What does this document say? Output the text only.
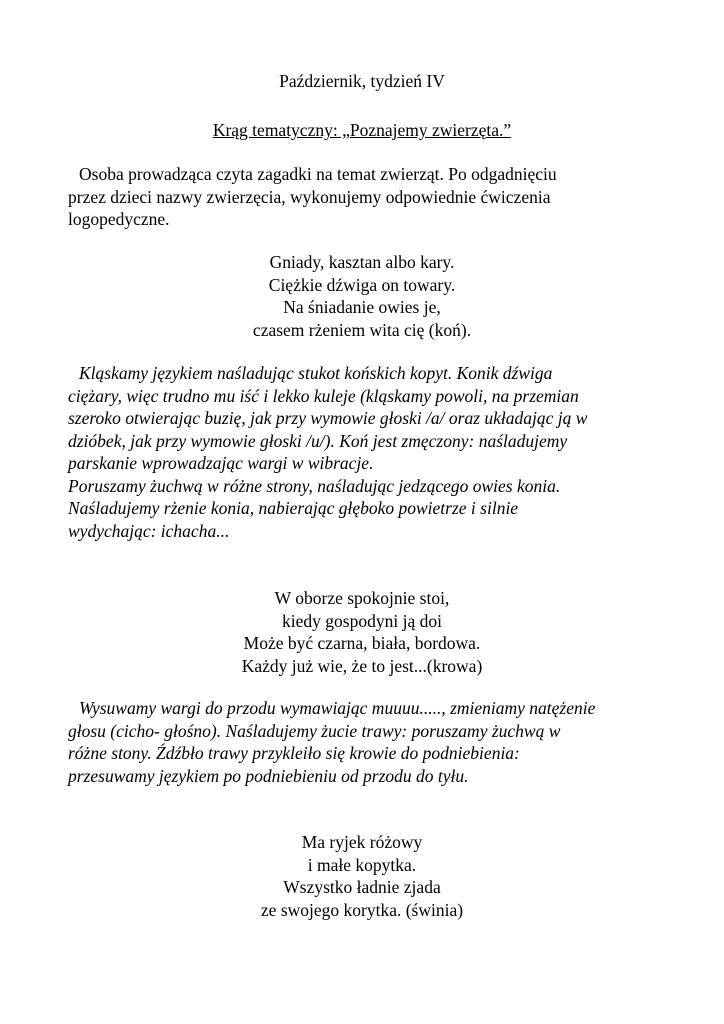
Październik, tydzień IV
Krąg tematyczny: „Poznajemy zwierzęta.”
Osoba prowadząca czyta zagadki na temat zwierząt. Po odgadnięciu
przez dzieci nazwy zwierzęcia, wykonujemy odpowiednie ćwiczenia
logopedyczne.
Gniady, kasztan albo kary.
Ciężkie dźwiga on towary.
Na śniadanie owies je,
czasem rżeniem wita cię (koń).
Kląskamy językiem naśladując stukot końskich kopyt. Konik dźwiga
ciężary, więc trudno mu iść i lekko kuleje (kląskamy powoli, na przemian
szeroko otwierając buzię, jak przy wymowie głoski /a/ oraz układając ją w
dzióbek, jak przy wymowie głoski /u/). Koń jest zmęczony: naśladujemy
parskanie wprowadzając wargi w wibracje.
Poruszamy żuchwą w różne strony, naśladując jedzącego owies konia.
Naśladujemy rżenie konia, nabierając głęboko powietrze i silnie
wydychając: ichacha...
W oborze spokojnie stoi,
kiedy gospodyni ją doi
Może być czarna, biała, bordowa.
Każdy już wie, że to jest...(krowa)
Wysuwamy wargi do przodu wymawiając muuuu....., zmieniamy natężenie
głosu (cicho- głośno). Naśladujemy żucie trawy: poruszamy żuchwą w
różne stony. Źdźbło trawy przykleiło się krowie do podniebienia:
przesuwamy językiem po podniebieniu od przodu do tyłu.
Ma ryjek różowy
i małe kopytka.
Wszystko ładnie zjada
ze swojego korytka. (świnia)
